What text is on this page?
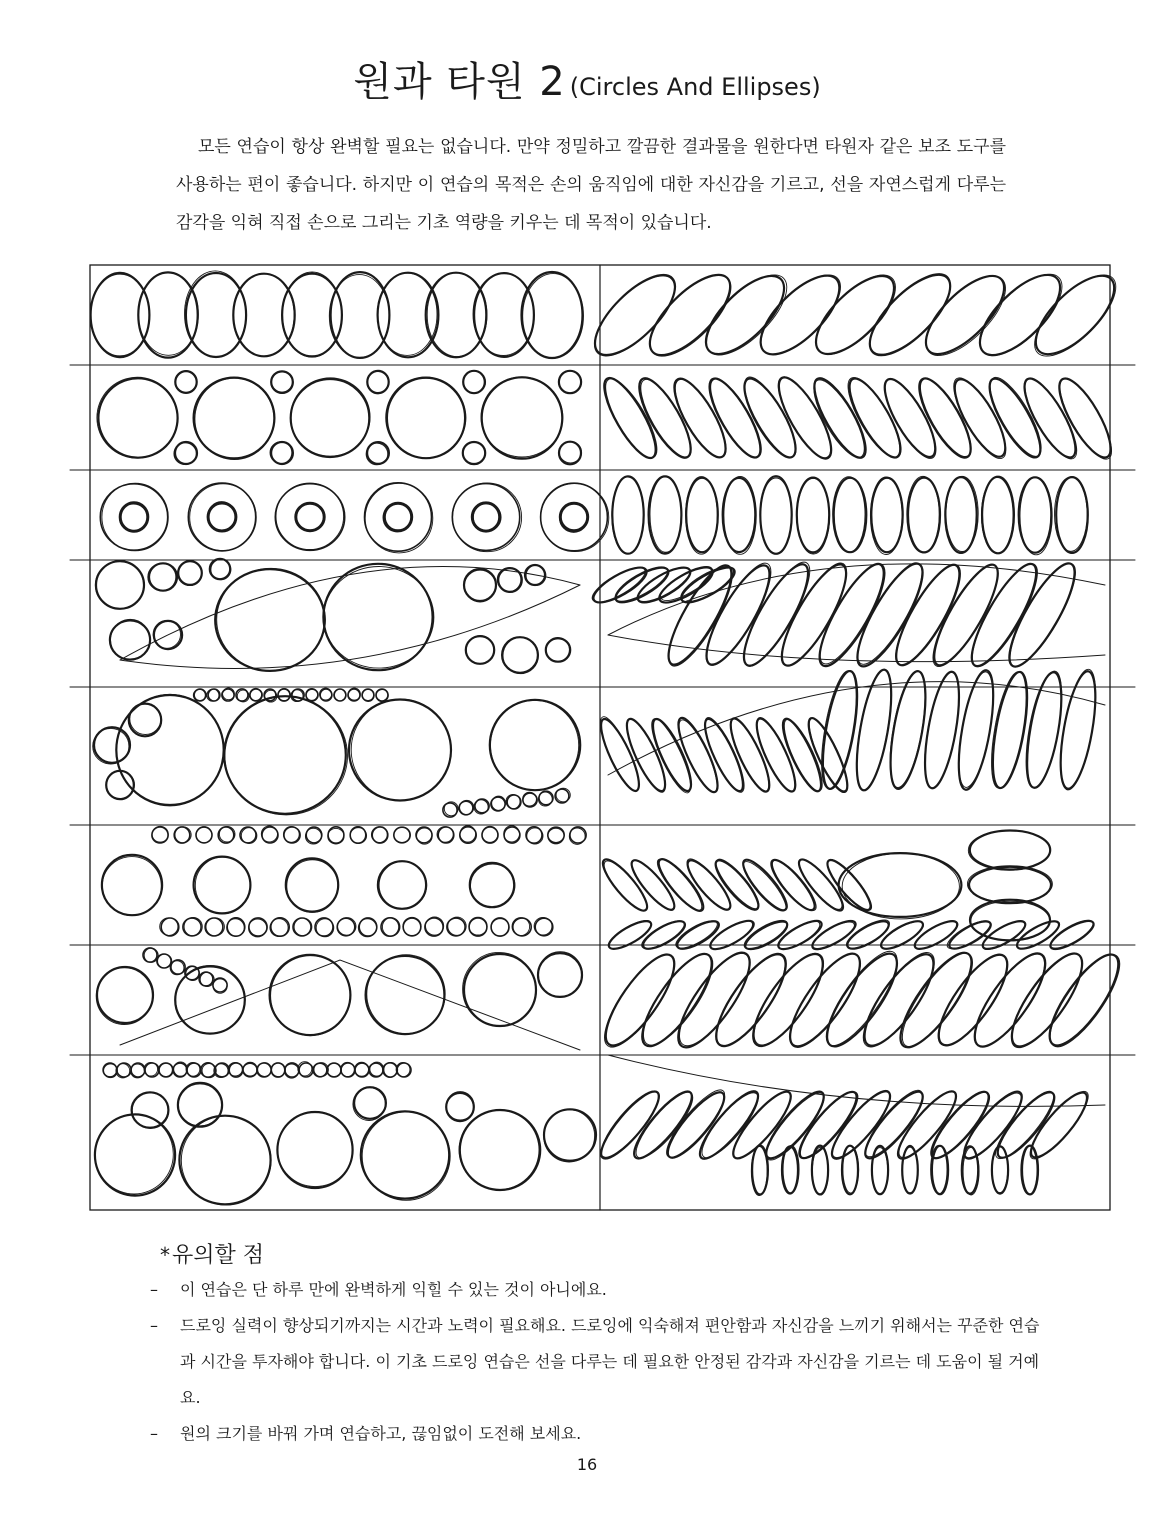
원과 타원 2 (Circles And Ellipses)

모든 연습이 항상 완벽할 필요는 없습니다. 만약 정밀하고 깔끔한 결과물을 원한다면 타원자 같은 보조 도구를 사용하는 편이 좋습니다. 하지만 이 연습의 목적은 손의 움직임에 대한 자신감을 기르고, 선을 자연스럽게 다루는 감각을 익혀 직접 손으로 그리는 기초 역량을 키우는 데 목적이 있습니다.

*유의할 점
– 이 연습은 단 하루 만에 완벽하게 익힐 수 있는 것이 아니에요.
– 드로잉 실력이 향상되기까지는 시간과 노력이 필요해요. 드로잉에 익숙해져 편안함과 자신감을 느끼기 위해서는 꾸준한 연습과 시간을 투자해야 합니다. 이 기초 드로잉 연습은 선을 다루는 데 필요한 안정된 감각과 자신감을 기르는 데 도움이 될 거예요.
– 원의 크기를 바꿔 가며 연습하고, 끊임없이 도전해 보세요.
16
